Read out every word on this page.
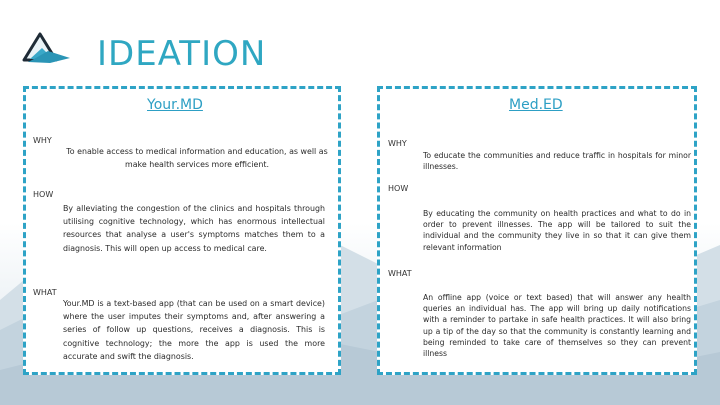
IDEATION
Your.MD
WHY
To enable access to medical information and education, as well as make health services more efficient.
HOW
By alleviating the congestion of the clinics and hospitals through utilising cognitive technology, which has enormous intellectual resources that analyse a user's symptoms matches them to a diagnosis. This will open up access to medical care.
WHAT
Your.MD is a text-based app (that can be used on a smart device) where the user imputes their symptoms and, after answering a series of follow up questions, receives a diagnosis. This is cognitive technology; the more the app is used the more accurate and swift the diagnosis.
Med.ED
WHY
To educate the communities and reduce traffic in hospitals for minor illnesses.
HOW
By educating the community on health practices and what to do in order to prevent illnesses. The app will be tailored to suit the individual and the community they live in so that it can give them relevant information
WHAT
An offline app (voice or text based) that will answer any health queries an individual has. The app will bring up daily notifications with a reminder to partake in safe health practices. It will also bring up a tip of the day so that the community is constantly learning and being reminded to take care of themselves so they can prevent illness
